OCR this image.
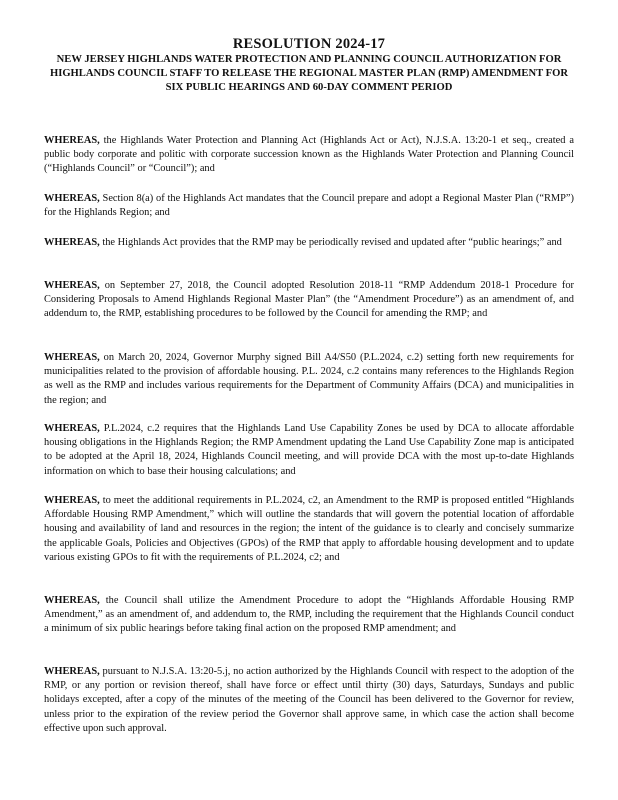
RESOLUTION 2024-17
NEW JERSEY HIGHLANDS WATER PROTECTION AND PLANNING COUNCIL AUTHORIZATION FOR HIGHLANDS COUNCIL STAFF TO RELEASE THE REGIONAL MASTER PLAN (RMP) AMENDMENT FOR SIX PUBLIC HEARINGS AND 60-DAY COMMENT PERIOD

WHEREAS, the Highlands Water Protection and Planning Act (Highlands Act or Act), N.J.S.A. 13:20-1 et seq., created a public body corporate and politic with corporate succession known as the Highlands Water Protection and Planning Council (“Highlands Council” or “Council”); and

WHEREAS, Section 8(a) of the Highlands Act mandates that the Council prepare and adopt a Regional Master Plan (“RMP”) for the Highlands Region; and

WHEREAS, the Highlands Act provides that the RMP may be periodically revised and updated after “public hearings;” and

WHEREAS, on September 27, 2018, the Council adopted Resolution 2018-11 “RMP Addendum 2018-1 Procedure for Considering Proposals to Amend Highlands Regional Master Plan” (the “Amendment Procedure”) as an amendment of, and addendum to, the RMP, establishing procedures to be followed by the Council for amending the RMP; and

WHEREAS, on March 20, 2024, Governor Murphy signed Bill A4/S50 (P.L.2024, c.2) setting forth new requirements for municipalities related to the provision of affordable housing. P.L. 2024, c.2 contains many references to the Highlands Region as well as the RMP and includes various requirements for the Department of Community Affairs (DCA) and municipalities in the region; and

WHEREAS, P.L.2024, c.2 requires that the Highlands Land Use Capability Zones be used by DCA to allocate affordable housing obligations in the Highlands Region; the RMP Amendment updating the Land Use Capability Zone map is anticipated to be adopted at the April 18, 2024, Highlands Council meeting, and will provide DCA with the most up-to-date Highlands information on which to base their housing calculations; and

WHEREAS, to meet the additional requirements in P.L.2024, c2, an Amendment to the RMP is proposed entitled “Highlands Affordable Housing RMP Amendment,” which will outline the standards that will govern the potential location of affordable housing and availability of land and resources in the region; the intent of the guidance is to clearly and concisely summarize the applicable Goals, Policies and Objectives (GPOs) of the RMP that apply to affordable housing development and to update various existing GPOs to fit with the requirements of P.L.2024, c2; and

WHEREAS, the Council shall utilize the Amendment Procedure to adopt the “Highlands Affordable Housing RMP Amendment,” as an amendment of, and addendum to, the RMP, including the requirement that the Highlands Council conduct a minimum of six public hearings before taking final action on the proposed RMP amendment; and

WHEREAS, pursuant to N.J.S.A. 13:20-5.j, no action authorized by the Highlands Council with respect to the adoption of the RMP, or any portion or revision thereof, shall have force or effect until thirty (30) days, Saturdays, Sundays and public holidays excepted, after a copy of the minutes of the meeting of the Council has been delivered to the Governor for review, unless prior to the expiration of the review period the Governor shall approve same, in which case the action shall become effective upon such approval.
